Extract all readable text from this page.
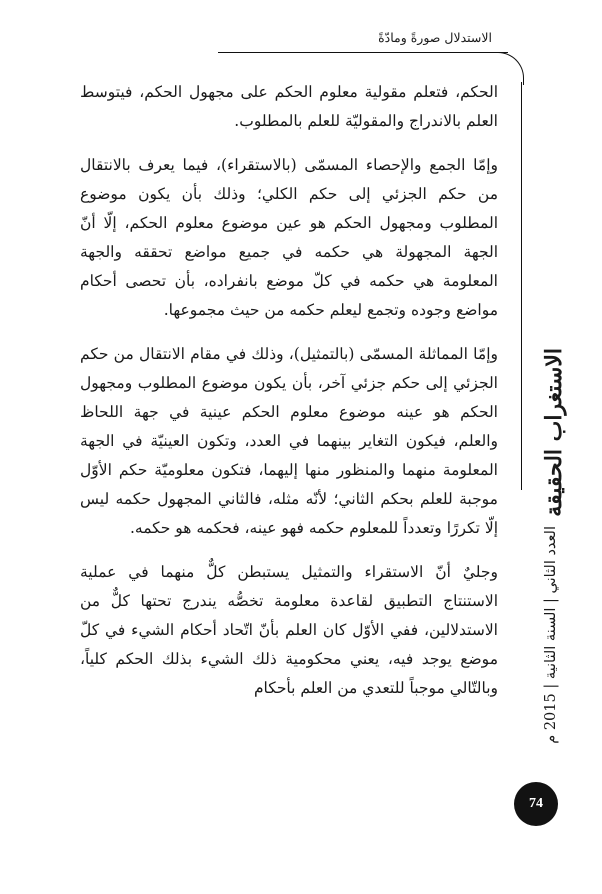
الاستدلال صورةً ومادّةً

الحكم، فتعلم مقولية معلوم الحكم على مجهول الحكم، فيتوسط العلم بالاندراج والمقوليّة للعلم بالمطلوب.

وإمّا الجمع والإحصاء المسمّى (بالاستقراء)، فيما يعرف بالانتقال من حكم الجزئي إلى حكم الكلي؛ وذلك بأن يكون موضوع المطلوب ومجهول الحكم هو عين موضوع معلوم الحكم، إلّا أنّ الجهة المجهولة هي حكمه في جميع مواضع تحققه والجهة المعلومة هي حكمه في كلّ موضع بانفراده، بأن تحصى أحكام مواضع وجوده وتجمع ليعلم حكمه من حيث مجموعها.

وإمّا المماثلة المسمّى (بالتمثيل)، وذلك في مقام الانتقال من حكم الجزئي إلى حكم جزئي آخر، بأن يكون موضوع المطلوب ومجهول الحكم هو عينه موضوع معلوم الحكم عينية في جهة اللحاظ والعلم، فيكون التغاير بينهما في العدد، وتكون العينيّة في الجهة المعلومة منهما والمنظور منها إليهما، فتكون معلوميّة حكم الأوّل موجبة للعلم بحكم الثاني؛ لأنّه مثله، فالثاني المجهول حكمه ليس إلّا تكررًا وتعدداً للمعلوم حكمه فهو عينه، فحكمه هو حكمه.

وجليٌ أنّ الاستقراء والتمثيل يستبطن كلٌّ منهما في عملية الاستنتاج التطبيق لقاعدة معلومة تخصُّه يندرج تحتها كلٌّ من الاستدلالين، ففي الأوّل كان العلم بأنّ اتّحاد أحكام الشيء في كلّ موضع يوجد فيه، يعني محكومية ذلك الشيء بذلك الحكم كلياً، وبالتّالي موجباً للتعدي من العلم بأحكام

الاستغراب الحقيقة
العدد الثاني | السنة الثانية | 2015 م
74
